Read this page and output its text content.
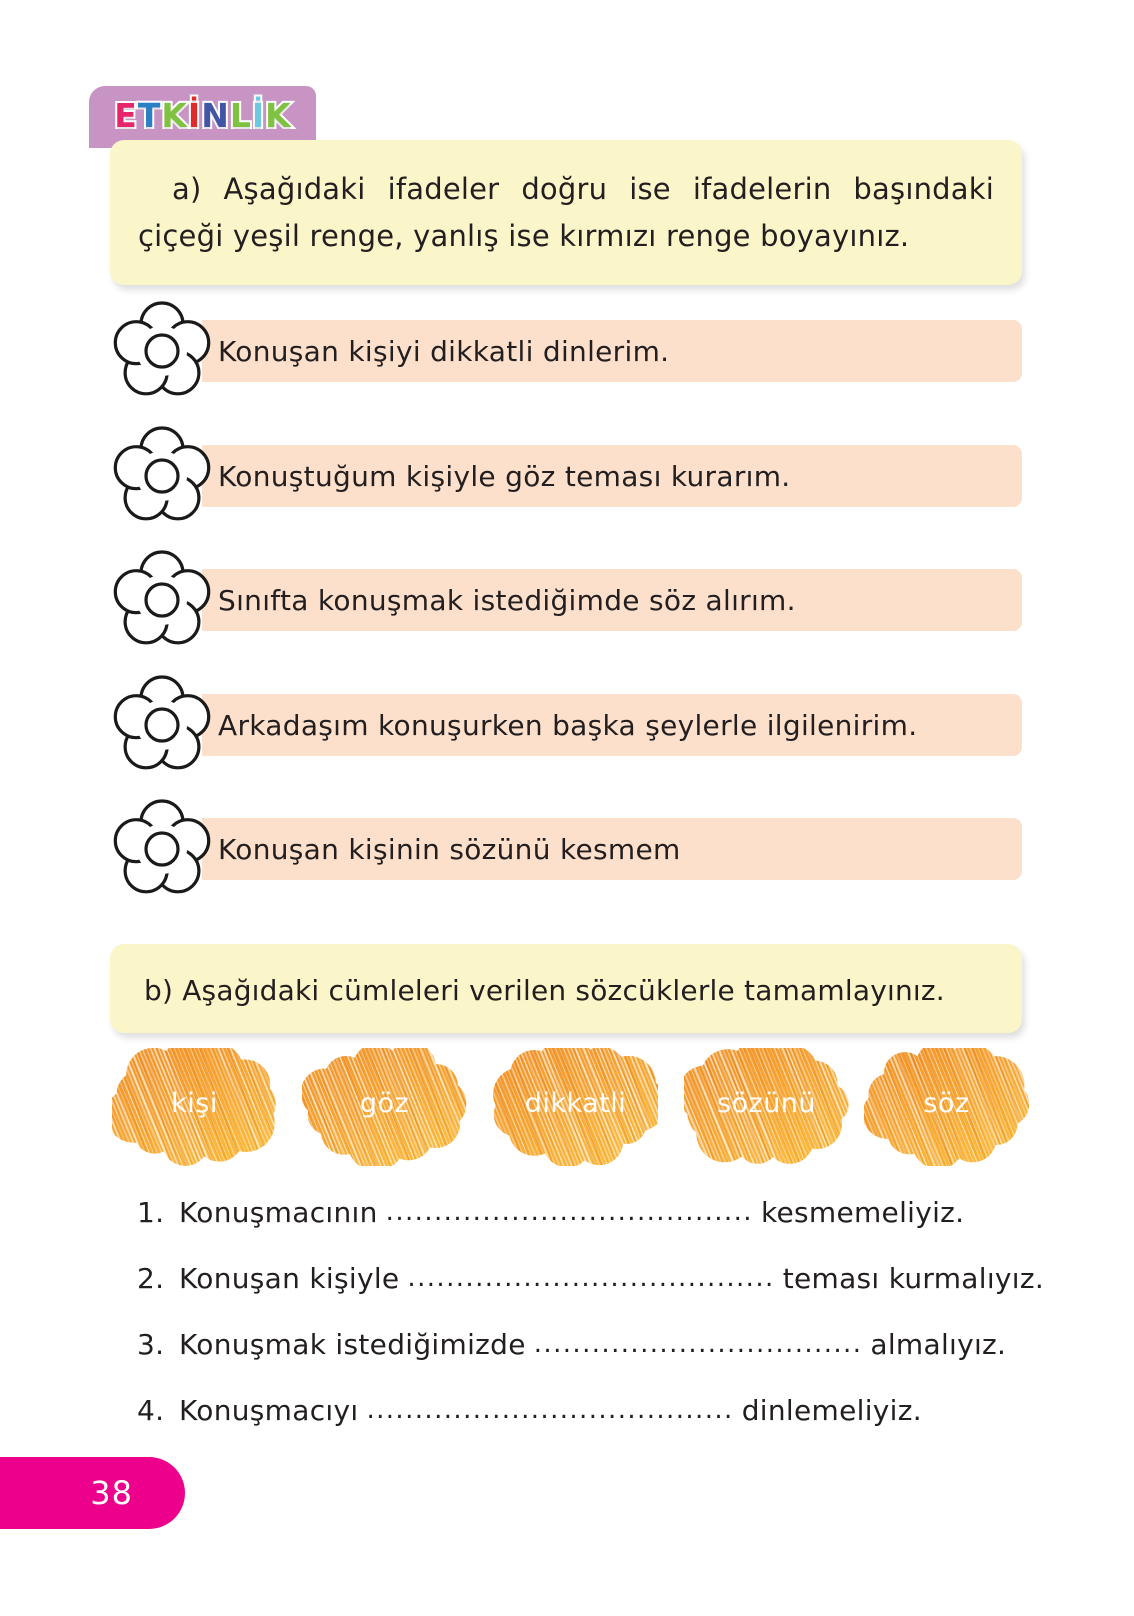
E T K İ N L İ K

a) Aşağıdaki ifadeler doğru ise ifadelerin başındaki çiçeği yeşil renge, yanlış ise kırmızı renge boyayınız.

Konuşan kişiyi dikkatli dinlerim.
Konuştuğum kişiyle göz teması kurarım.
Sınıfta konuşmak istediğimde söz alırım.
Arkadaşım konuşurken başka şeylerle ilgilenirim.
Konuşan kişinin sözünü kesmem

b) Aşağıdaki cümleleri verilen sözcüklerle tamamlayınız.

kişi	göz	dikkatli	sözünü	söz
1. Konuşmacının ...................................... kesmemeliyiz.
2. Konuşan kişiyle ...................................... teması kurmalıyız.
3. Konuşmak istediğimizde .................................. almalıyız.
4. Konuşmacıyı ...................................... dinlemeliyiz.
38
